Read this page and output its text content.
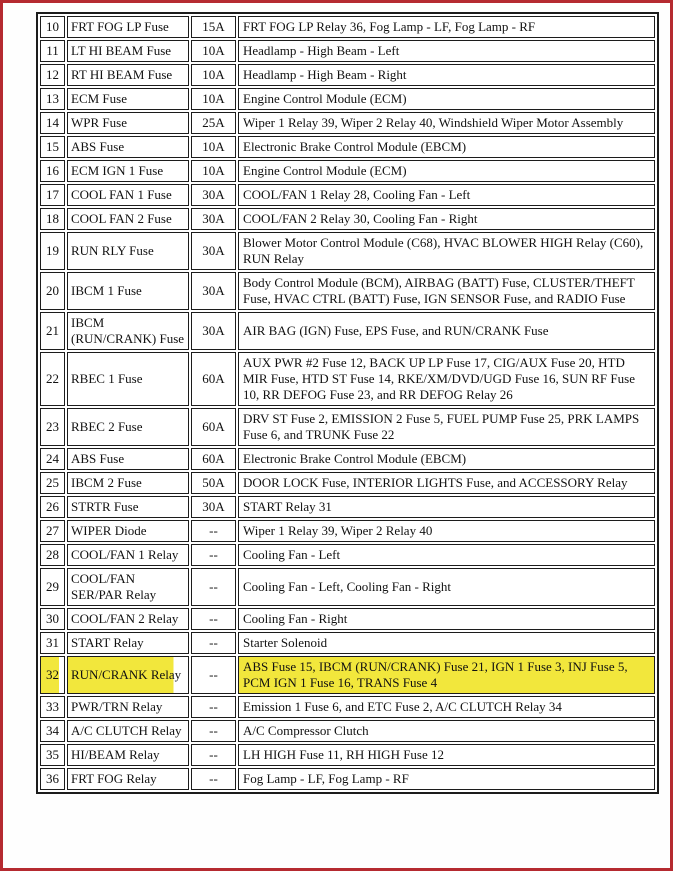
10	FRT FOG LP Fuse	15A	FRT FOG LP Relay 36, Fog Lamp - LF, Fog Lamp - RF
11	LT HI BEAM Fuse	10A	Headlamp - High Beam - Left
12	RT HI BEAM Fuse	10A	Headlamp - High Beam - Right
13	ECM Fuse	10A	Engine Control Module (ECM)
14	WPR Fuse	25A	Wiper 1 Relay 39, Wiper 2 Relay 40, Windshield Wiper Motor Assembly
15	ABS Fuse	10A	Electronic Brake Control Module (EBCM)
16	ECM IGN 1 Fuse	10A	Engine Control Module (ECM)
17	COOL FAN 1 Fuse	30A	COOL/FAN 1 Relay 28, Cooling Fan - Left
18	COOL FAN 2 Fuse	30A	COOL/FAN 2 Relay 30, Cooling Fan - Right
19	RUN RLY Fuse	30A	Blower Motor Control Module (C68), HVAC BLOWER HIGH Relay (C60), RUN Relay
20	IBCM 1 Fuse	30A	Body Control Module (BCM), AIRBAG (BATT) Fuse, CLUSTER/THEFT Fuse, HVAC CTRL (BATT) Fuse, IGN SENSOR Fuse, and RADIO Fuse
21	IBCM (RUN/CRANK) Fuse	30A	AIR BAG (IGN) Fuse, EPS Fuse, and RUN/CRANK Fuse
22	RBEC 1 Fuse	60A	AUX PWR #2 Fuse 12, BACK UP LP Fuse 17, CIG/AUX Fuse 20, HTD MIR Fuse, HTD ST Fuse 14, RKE/XM/DVD/UGD Fuse 16, SUN RF Fuse 10, RR DEFOG Fuse 23, and RR DEFOG Relay 26
23	RBEC 2 Fuse	60A	DRV ST Fuse 2, EMISSION 2 Fuse 5, FUEL PUMP Fuse 25, PRK LAMPS Fuse 6, and TRUNK Fuse 22
24	ABS Fuse	60A	Electronic Brake Control Module (EBCM)
25	IBCM 2 Fuse	50A	DOOR LOCK Fuse, INTERIOR LIGHTS Fuse, and ACCESSORY Relay
26	STRTR Fuse	30A	START Relay 31
27	WIPER Diode	--	Wiper 1 Relay 39, Wiper 2 Relay 40
28	COOL/FAN 1 Relay	--	Cooling Fan - Left
29	COOL/FAN SER/PAR Relay	--	Cooling Fan - Left, Cooling Fan - Right
30	COOL/FAN 2 Relay	--	Cooling Fan - Right
31	START Relay	--	Starter Solenoid
32	RUN/CRANK Relay	--	ABS Fuse 15, IBCM (RUN/CRANK) Fuse 21, IGN 1 Fuse 3, INJ Fuse 5, PCM IGN 1 Fuse 16, TRANS Fuse 4
33	PWR/TRN Relay	--	Emission 1 Fuse 6, and ETC Fuse 2, A/C CLUTCH Relay 34
34	A/C CLUTCH Relay	--	A/C Compressor Clutch
35	HI/BEAM Relay	--	LH HIGH Fuse 11, RH HIGH Fuse 12
36	FRT FOG Relay	--	Fog Lamp - LF, Fog Lamp - RF
